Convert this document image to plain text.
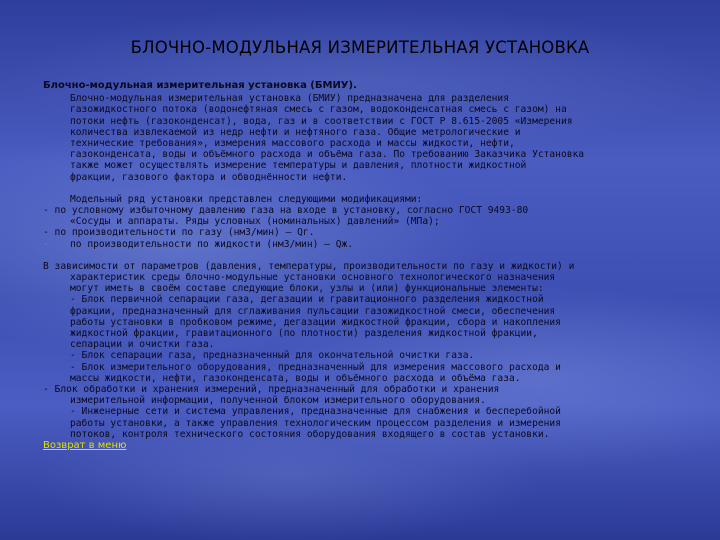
БЛОЧНО-МОДУЛЬНАЯ ИЗМЕРИТЕЛЬНАЯ УСТАНОВКА

Блочно-модульная измерительная установка (БМИУ).

Блочно-модульная измерительная установка (БМИУ) предназначена для разделения

газожидкостного потока (водонефтяная смесь с газом, водоконденсатная смесь с газом) на

потоки нефть (газоконденсат), вода, газ и в соответствии с ГОСТ Р 8.615-2005 «Измерения

количества извлекаемой из недр нефти и нефтяного газа. Общие метрологические и

технические требования», измерения массового расхода и массы жидкости, нефти,

газоконденсата, воды и объёмного расхода и объёма газа. По требованию Заказчика Установка

также может осуществлять измерение температуры и давления, плотности жидкостной

фракции, газового фактора и обводнённости нефти.

Модельный ряд установки представлен следующими модификациями:

- по условному избыточному давлению газа на входе в установку, согласно ГОСТ 9493-80

«Сосуды и аппараты. Ряды условных (номинальных) давлений» (МПа);

- по производительности по газу (нм3/мин) – Qг.

-	по производительности по жидкости (нм3/мин) – Qж.

В зависимости от параметров (давления, температуры, производительности по газу и жидкости) и

характеристик среды блочно-модульные установки основного технологического назначения

могут иметь в своём составе следующие блоки, узлы и (или) функциональные элементы:

- Блок первичной сепарации газа, дегазации и гравитационного разделения жидкостной

фракции, предназначенный для сглаживания пульсации газожидкостной смеси, обеспечения

работы установки в пробковом режиме, дегазации жидкостной фракции, сбора и накопления

жидкостной фракции, гравитационного (по плотности) разделения жидкостной фракции,

сепарации и очистки газа.

- Блок сепарации газа, предназначенный для окончательной очистки газа.

- Блок измерительного оборудования, предназначенный для измерения массового расхода и

массы жидкости, нефти, газоконденсата, воды и объёмного расхода и объёма газа.

- Блок обработки и хранения измерений, предназначенный для обработки и хранения

измерительной информации, полученной блоком измерительного оборудования.

- Инженерные сети и система управления, предназначенные для снабжения и бесперебойной

работы установки, а также управления технологическим процессом разделения и измерения

потоков, контроля технического состояния оборудования входящего в состав установки.

Возврат в меню
